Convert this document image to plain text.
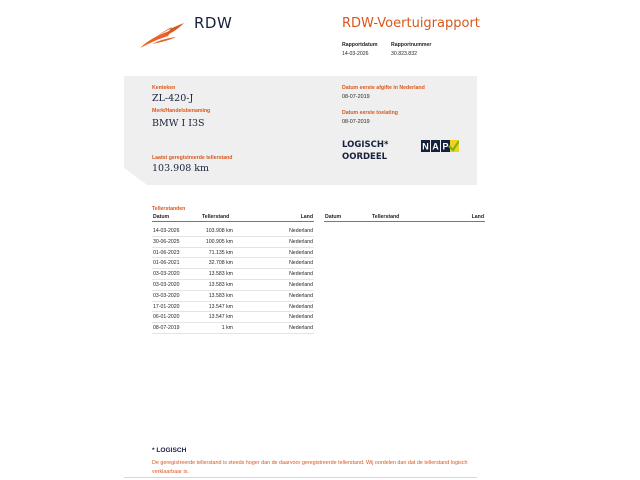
RDW	RDW-Voertuigrapport
Rapportdatum
14-03-2026
Rapportnummer
30.823.832
Kenteken
ZL-420-J
Merk/Handelsbenaming
BMW I I3S
Laatst geregistreerde tellerstand
103.908 km
Datum eerste afgifte in Nederland
08-07-2019
Datum eerste toelating
08-07-2019
LOGISCH*
OORDEEL
N A P
Tellerstanden
Datum	Tellerstand	Land Datum	Tellerstand	Land
14-03-2026	103.908 km	Nederland
30-06-2025	100.905 km	Nederland
01-06-2023	71.135 km	Nederland
01-06-2021	32.708 km	Nederland
03-03-2020	13.583 km	Nederland
03-03-2020	13.583 km	Nederland
03-03-2020	13.583 km	Nederland
17-01-2020	13.547 km	Nederland
06-01-2020	13.547 km	Nederland
08-07-2019	1 km	Nederland
* LOGISCH
De geregistreerde tellerstand is steeds hoger dan de daarvoor geregistreerde tellerstand. Wij oordelen dan dat de tellerstand logisch verklaarbaar is.
